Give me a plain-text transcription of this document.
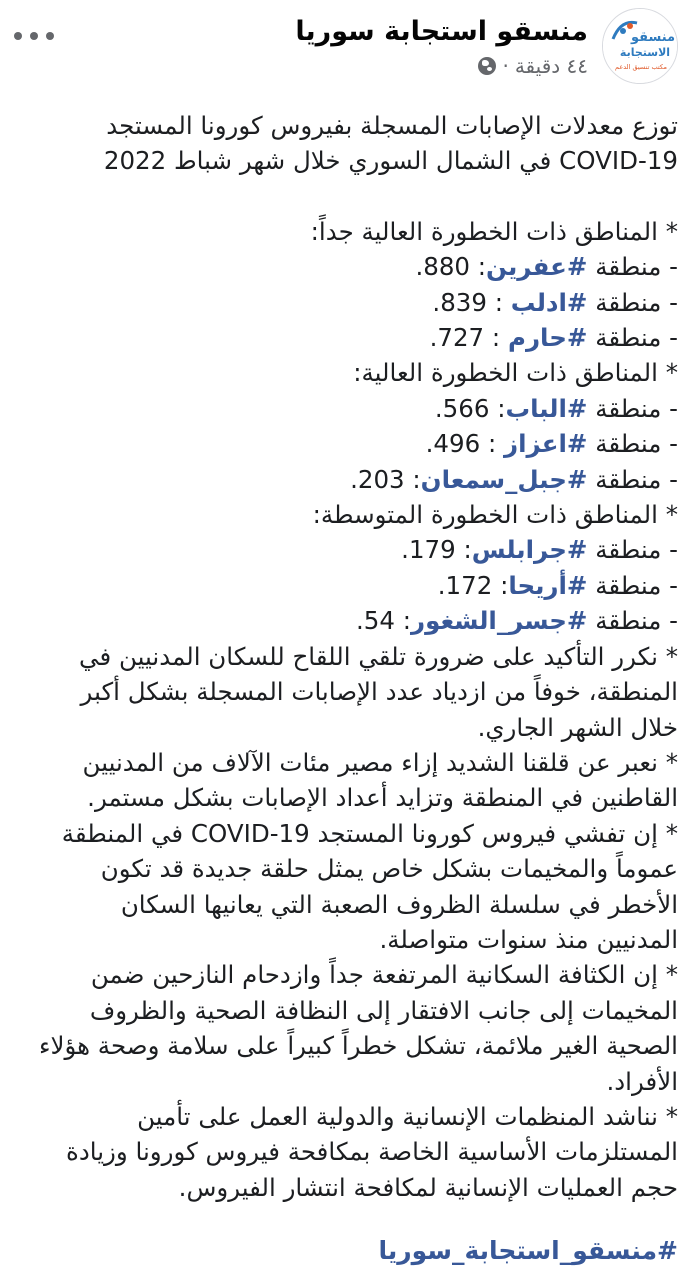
منسقو استجابة سوريا
٤٤ دقيقة
·
منسقو
الاستجابة
مكتب تنسيق الدعم
توزع معدلات الإصابات المسجلة بفيروس كورونا المستجد
COVID-19 في الشمال السوري خلال شهر شباط 2022
* المناطق ذات الخطورة العالية جداً:
- منطقة #عفرين: 880.
- منطقة #ادلب : 839.
- منطقة #حارم : 727.
* المناطق ذات الخطورة العالية:
- منطقة #الباب: 566.
- منطقة #اعزاز : 496.
- منطقة #جبل_سمعان: 203.
* المناطق ذات الخطورة المتوسطة:
- منطقة #جرابلس: 179.
- منطقة #أريحا: 172.
- منطقة #جسر_الشغور: 54.
* نكرر التأكيد على ضرورة تلقي اللقاح للسكان المدنيين في
المنطقة، خوفاً من ازدياد عدد الإصابات المسجلة بشكل أكبر
خلال الشهر الجاري.
* نعبر عن قلقنا الشديد إزاء مصير مئات الآلاف من المدنيين
القاطنين في المنطقة وتزايد أعداد الإصابات بشكل مستمر.
* إن تفشي فيروس كورونا المستجد COVID-19 في المنطقة
عموماً والمخيمات بشكل خاص يمثل حلقة جديدة قد تكون
الأخطر في سلسلة الظروف الصعبة التي يعانيها السكان
المدنيين منذ سنوات متواصلة.
* إن الكثافة السكانية المرتفعة جداً وازدحام النازحين ضمن
المخيمات إلى جانب الافتقار إلى النظافة الصحية والظروف
الصحية الغير ملائمة، تشكل خطراً كبيراً على سلامة وصحة هؤلاء
الأفراد.
* نناشد المنظمات الإنسانية والدولية العمل على تأمين
المستلزمات الأساسية الخاصة بمكافحة فيروس كورونا وزيادة
حجم العمليات الإنسانية لمكافحة انتشار الفيروس.
#منسقو_استجابة_سوريا
